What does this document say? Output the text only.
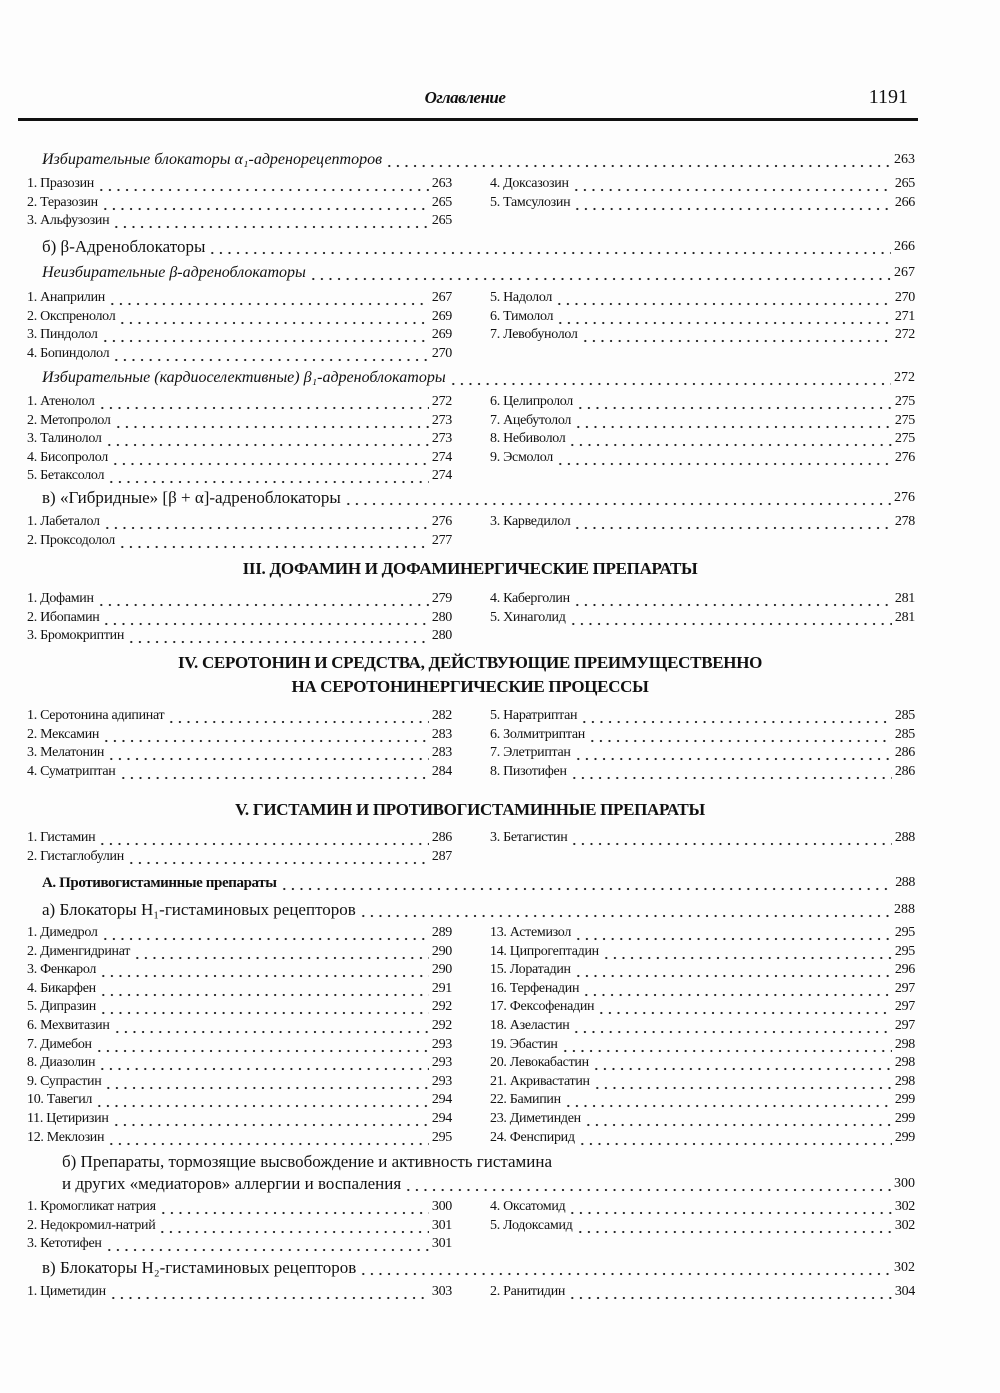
Оглавление	1191
Избирательные блокаторы α₁-адренорецепторов	263
1. Празозин	263
2. Теразозин	265
3. Альфузозин	265
4. Доксазозин	265
5. Тамсулозин	266
б) β-Адреноблокаторы	266
Неизбирательные β-адреноблокаторы	267
1. Анаприлин	267
2. Окспренолол	269
3. Пиндолол	269
4. Бопиндолол	270
5. Надолол	270
6. Тимолол	271
7. Левобунолол	272
Избирательные (кардиоселективные) β₁-адреноблокаторы	272
1. Атенолол	272
2. Метопролол	273
3. Талинолол	273
4. Бисопролол	274
5. Бетаксолол	274
6. Целипролол	275
7. Ацебутолол	275
8. Небиволол	275
9. Эсмолол	276
в) «Гибридные» [β + α]-адреноблокаторы	276
1. Лабеталол	276
2. Проксодолол	277
3. Карведилол	278
III. ДОФАМИН И ДОФАМИНЕРГИЧЕСКИЕ ПРЕПАРАТЫ
1. Дофамин	279
2. Ибопамин	280
3. Бромокриптин	280
4. Каберголин	281
5. Хинаголид	281
IV. СЕРОТОНИН И СРЕДСТВА, ДЕЙСТВУЮЩИЕ ПРЕИМУЩЕСТВЕННО
НА СЕРОТОНИНЕРГИЧЕСКИЕ ПРОЦЕССЫ
1. Серотонина адипинат	282
2. Мексамин	283
3. Мелатонин	283
4. Суматриптан	284
5. Наратриптан	285
6. Золмитриптан	285
7. Элетриптан	286
8. Пизотифен	286
V. ГИСТАМИН И ПРОТИВОГИСТАМИННЫЕ ПРЕПАРАТЫ
1. Гистамин	286
2. Гистаглобулин	287
3. Бетагистин	288
А. Противогистаминные препараты	288
а) Блокаторы H₁-гистаминовых рецепторов	288
1. Димедрол	289
2. Дименгидринат	290
3. Фенкарол	290
4. Бикарфен	291
5. Дипразин	292
6. Мехвитазин	292
7. Димебон	293
8. Диазолин	293
9. Супрастин	293
10. Тавегил	294
11. Цетиризин	294
12. Меклозин	295
13. Астемизол	295
14. Ципрогептадин	295
15. Лоратадин	296
16. Терфенадин	297
17. Фексофенадин	297
18. Азеластин	297
19. Эбастин	298
20. Левокабастин	298
21. Акривастатин	298
22. Бамипин	299
23. Диметинден	299
24. Фенспирид	299
б) Препараты, тормозящие высвобождение и активность гистамина
и других «медиаторов» аллергии и воспаления	300
1. Кромогликат натрия	300
2. Недокромил-натрий	301
3. Кетотифен	301
4. Оксатомид	302
5. Лодоксамид	302
в) Блокаторы H₂-гистаминовых рецепторов	302
1. Циметидин	303	2. Ранитидин	304
